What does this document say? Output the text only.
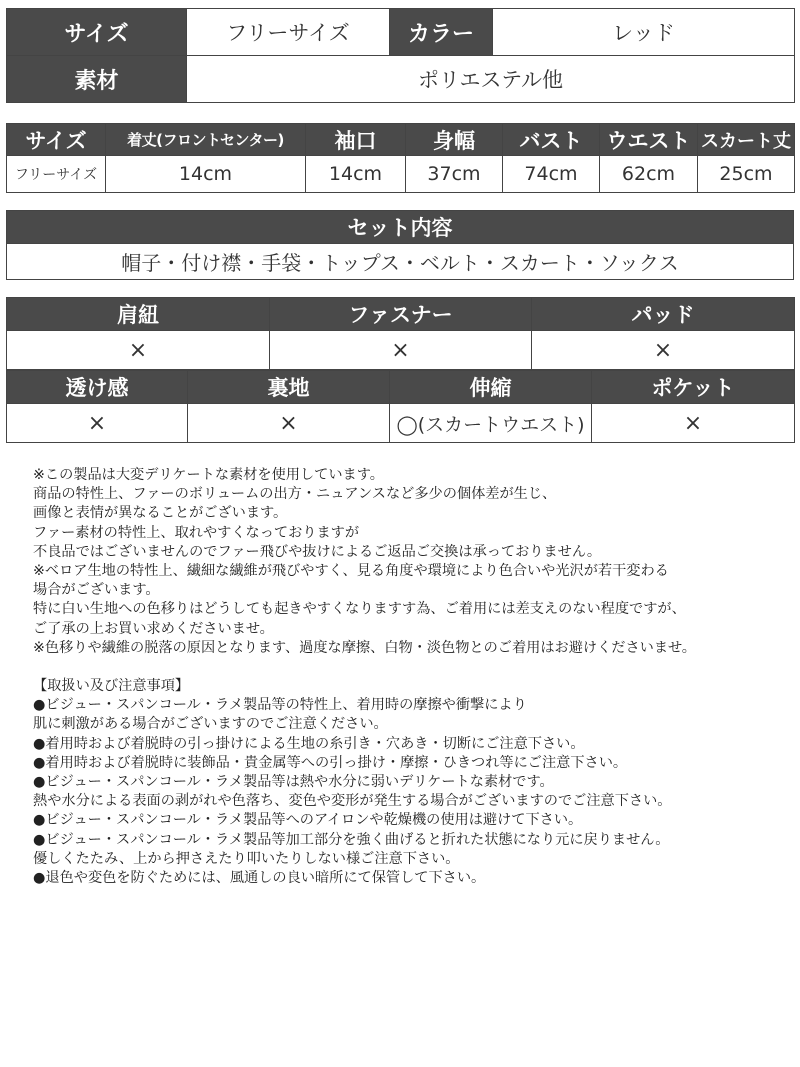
サイズ	フリーサイズ	カラー	レッド
素材	ポリエステル他		
サイズ	着丈(フロントセンター)	袖口	身幅	バスト	ウエスト	スカート丈
フリーサイズ	14cm	14cm	37cm	74cm	62cm	25cm
セット内容
帽子・付け襟・手袋・トップス・ベルト・スカート・ソックス
肩紐	ファスナー	パッド
×	×	×
透け感	裏地	伸縮	ポケット
×	×	◯(スカートウエスト)	×
※この製品は大変デリケートな素材を使用しています。
商品の特性上、ファーのボリュームの出方・ニュアンスなど多少の個体差が生じ、
画像と表情が異なることがございます。
ファー素材の特性上、取れやすくなっておりますが
不良品ではございませんのでファー飛びや抜けによるご返品ご交換は承っておりません。
※ベロア生地の特性上、繊細な繊維が飛びやすく、見る角度や環境により色合いや光沢が若干変わる
場合がございます。
特に白い生地への色移りはどうしても起きやすくなりますす為、ご着用には差支えのない程度ですが、
ご了承の上お買い求めくださいませ。
※色移りや繊維の脱落の原因となります、過度な摩擦、白物・淡色物とのご着用はお避けくださいませ。
【取扱い及び注意事項】
●ビジュー・スパンコール・ラメ製品等の特性上、着用時の摩擦や衝撃により
肌に刺激がある場合がございますのでご注意ください。
●着用時および着脱時の引っ掛けによる生地の糸引き・穴あき・切断にご注意下さい。
●着用時および着脱時に装飾品・貴金属等への引っ掛け・摩擦・ひきつれ等にご注意下さい。
●ビジュー・スパンコール・ラメ製品等は熱や水分に弱いデリケートな素材です。
熱や水分による表面の剥がれや色落ち、変色や変形が発生する場合がございますのでご注意下さい。
●ビジュー・スパンコール・ラメ製品等へのアイロンや乾燥機の使用は避けて下さい。
●ビジュー・スパンコール・ラメ製品等加工部分を強く曲げると折れた状態になり元に戻りません。
優しくたたみ、上から押さえたり叩いたりしない様ご注意下さい。
●退色や変色を防ぐためには、風通しの良い暗所にて保管して下さい。
